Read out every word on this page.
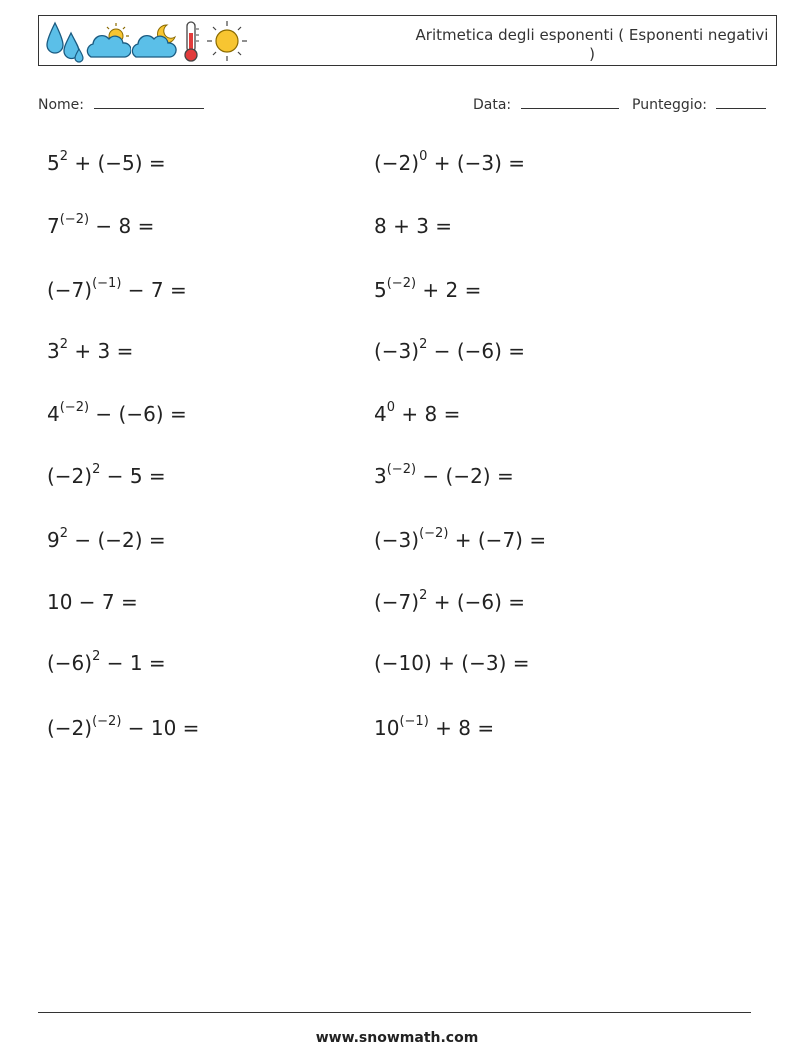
Aritmetica degli esponenti ( Esponenti negativi )
Nome:	Data:	Punteggio:
$5^2 + (-5)$ =
$7^{(-2)} - 8$ =
$(-7)^{(-1)} - 7$ =
$3^2 + 3$ =
$4^{(-2)} - (-6)$ =
$(-2)^2 - 5$ =
$9^2 - (-2)$ =
10 − 7 =
$(-6)^2 - 1$ =
$(-2)^{(-2)} - 10$ =
$(-2)^0 + (-3)$ =
8 + 3 =
$5^{(-2)} + 2$ =
$(-3)^2 - (-6)$ =
$4^0 + 8$ =
$3^{(-2)} - (-2)$ =
$(-3)^{(-2)} + (-7)$ =
$(-7)^2 + (-6)$ =
(−10) + (−3) =
$10^{(-1)} + 8$ =
www.snowmath.com
